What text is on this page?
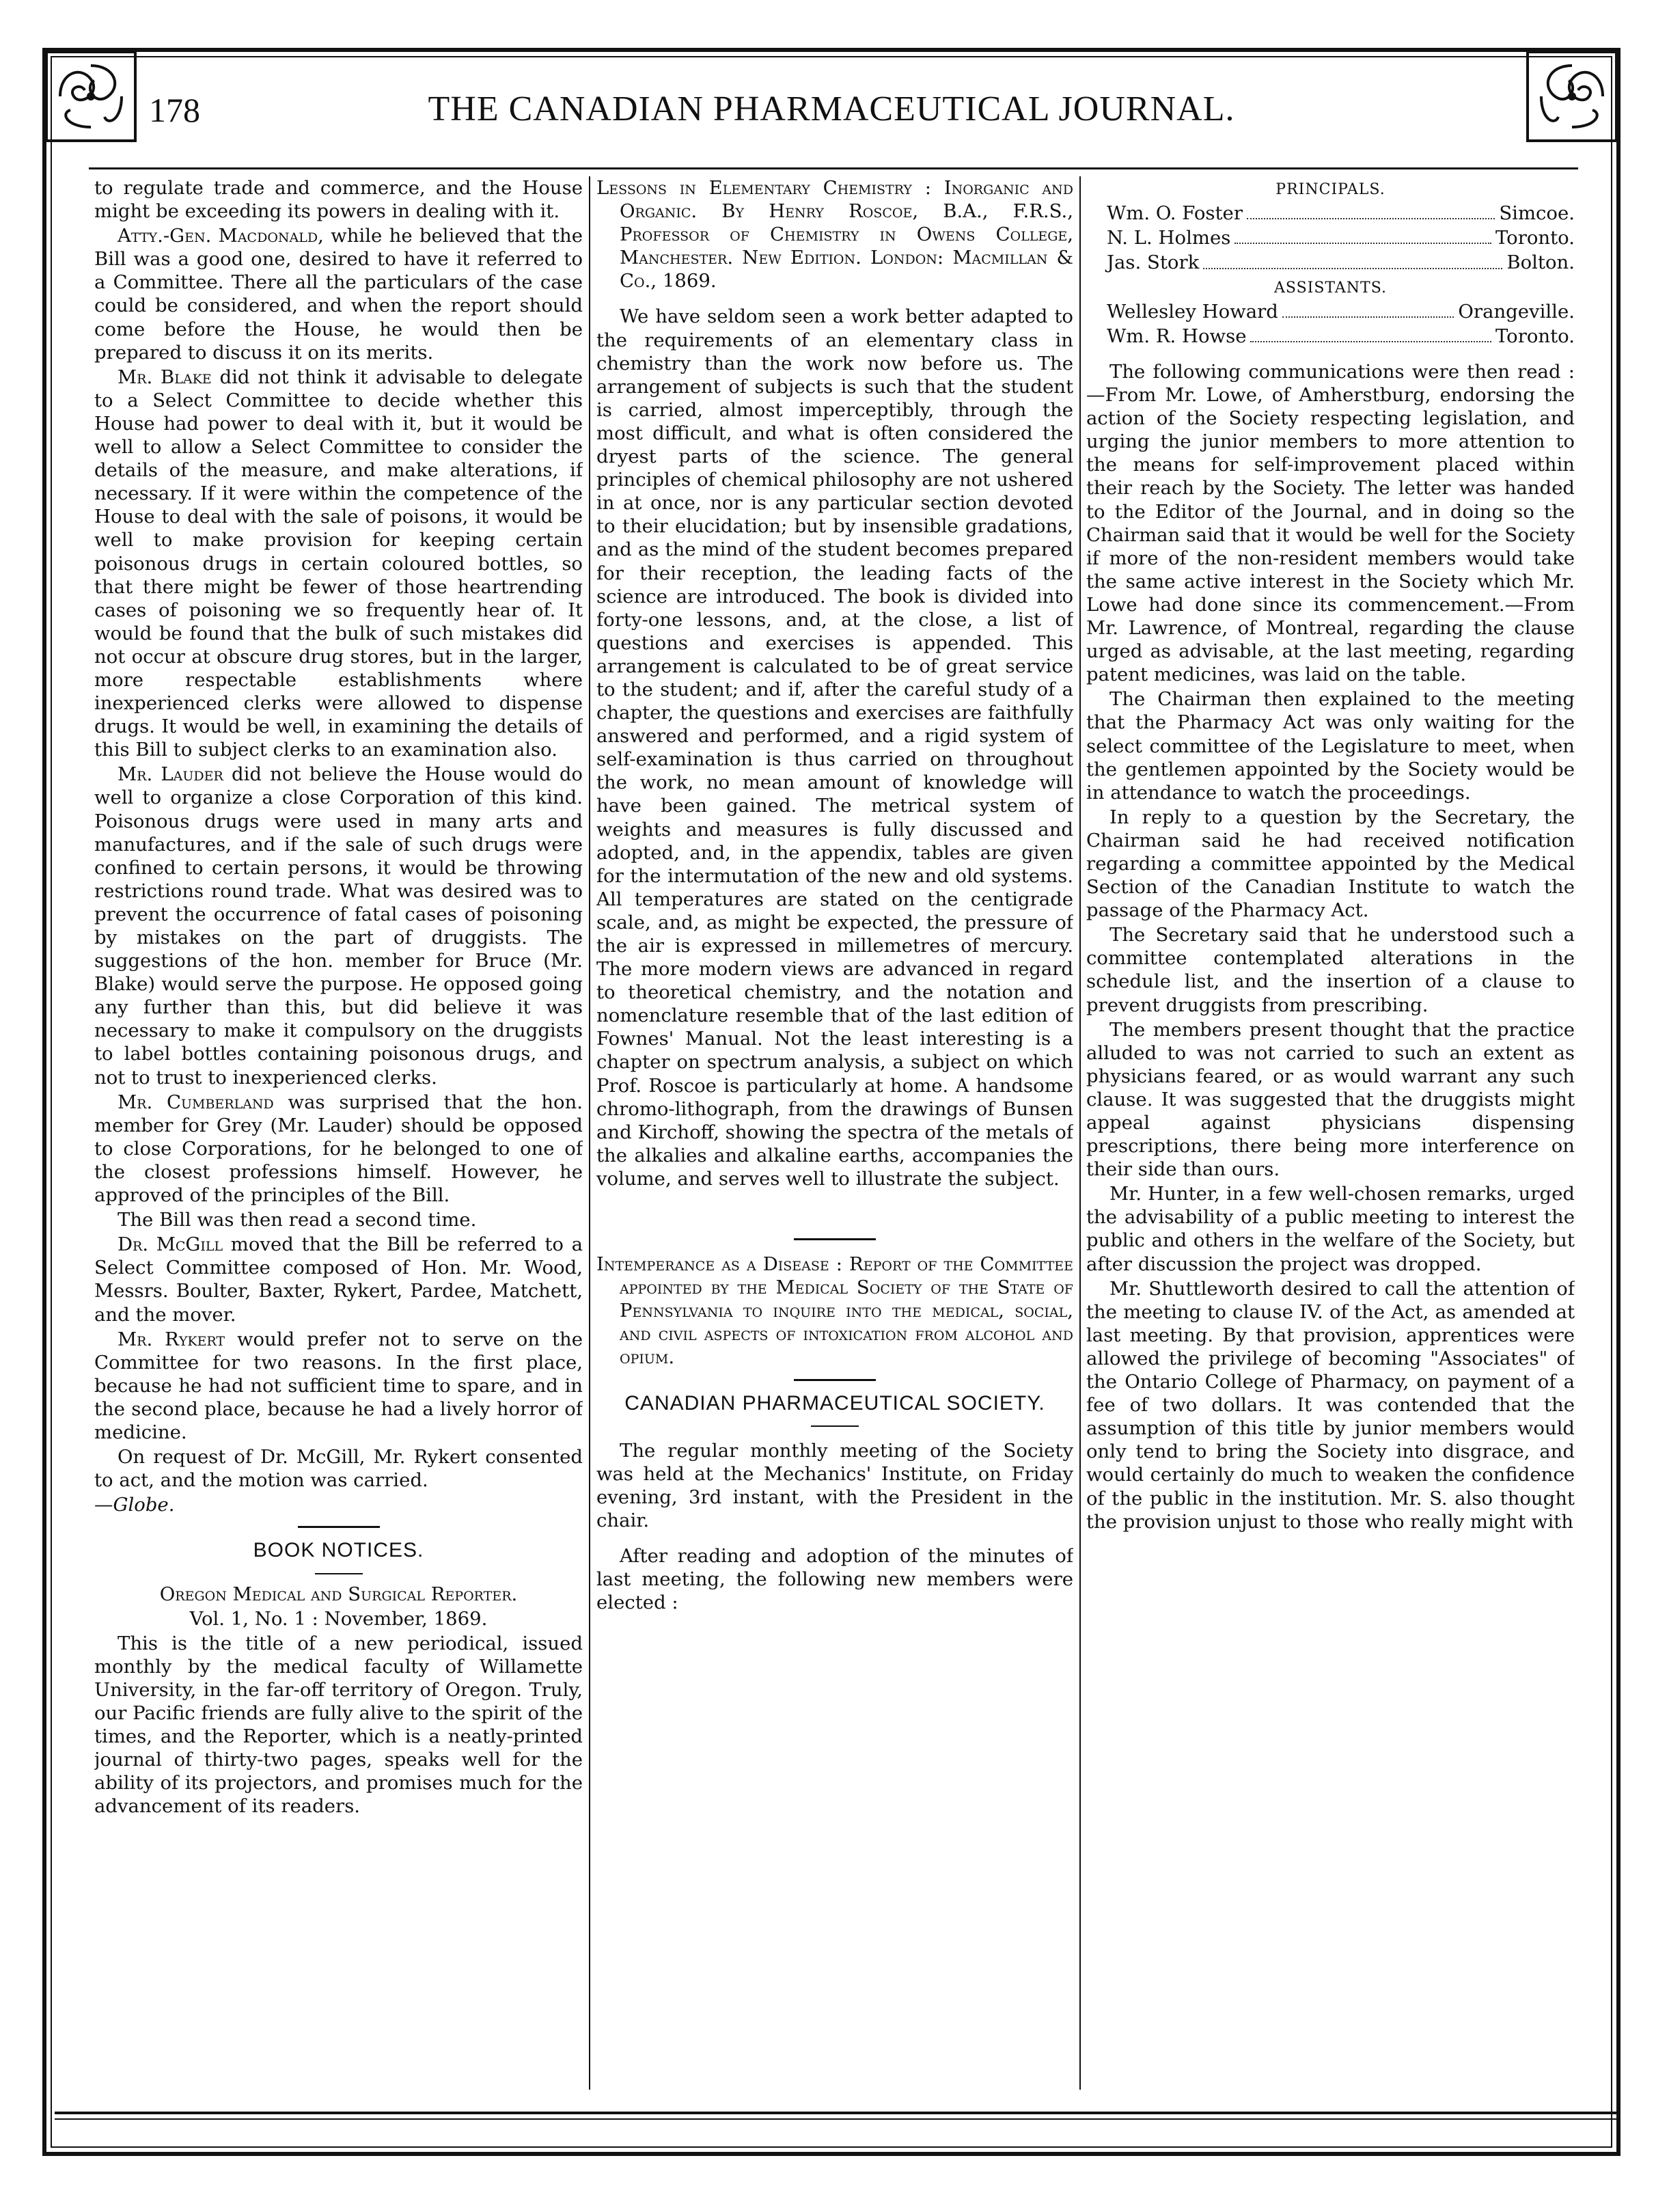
178	THE CANADIAN PHARMACEUTICAL JOURNAL.

to regulate trade and commerce, and the House might be exceeding its powers in dealing with it.

Atty.-Gen. Macdonald, while he believed that the Bill was a good one, desired to have it referred to a Committee. There all the particulars of the case could be considered, and when the report should come before the House, he would then be prepared to discuss it on its merits.

Mr. Blake did not think it advisable to delegate to a Select Committee to decide whether this House had power to deal with it, but it would be well to allow a Select Committee to consider the details of the measure, and make alterations, if necessary. If it were within the competence of the House to deal with the sale of poisons, it would be well to make provision for keeping certain poisonous drugs in certain coloured bottles, so that there might be fewer of those heartrending cases of poisoning we so frequently hear of. It would be found that the bulk of such mistakes did not occur at obscure drug stores, but in the larger, more respectable establishments where inexperienced clerks were allowed to dispense drugs. It would be well, in examining the details of this Bill to subject clerks to an examination also.

Mr. Lauder did not believe the House would do well to organize a close Corporation of this kind. Poisonous drugs were used in many arts and manufactures, and if the sale of such drugs were confined to certain persons, it would be throwing restrictions round trade. What was desired was to prevent the occurrence of fatal cases of poisoning by mistakes on the part of druggists. The suggestions of the hon. member for Bruce (Mr. Blake) would serve the purpose. He opposed going any further than this, but did believe it was necessary to make it compulsory on the druggists to label bottles containing poisonous drugs, and not to trust to inexperienced clerks.

Mr. Cumberland was surprised that the hon. member for Grey (Mr. Lauder) should be opposed to close Corporations, for he belonged to one of the closest professions himself. However, he approved of the principles of the Bill.

The Bill was then read a second time.

Dr. McGill moved that the Bill be referred to a Select Committee composed of Hon. Mr. Wood, Messrs. Boulter, Baxter, Rykert, Pardee, Matchett, and the mover.

Mr. Rykert would prefer not to serve on the Committee for two reasons. In the first place, because he had not sufficient time to spare, and in the second place, because he had a lively horror of medicine.

On request of Dr. McGill, Mr. Rykert consented to act, and the motion was carried.

—Globe.

BOOK NOTICES.

Oregon Medical and Surgical Reporter.

Vol. 1, No. 1 : November, 1869.

This is the title of a new periodical, issued monthly by the medical faculty of Willamette University, in the far-off territory of Oregon. Truly, our Pacific friends are fully alive to the spirit of the times, and the Reporter, which is a neatly-printed journal of thirty-two pages, speaks well for the ability of its projectors, and promises much for the advancement of its readers.

Lessons in Elementary Chemistry : Inorganic and Organic. By Henry Roscoe, B.A., F.R.S., Professor of Chemistry in Owens College, Manchester. New Edition. London: Macmillan & Co., 1869.

We have seldom seen a work better adapted to the requirements of an elementary class in chemistry than the work now before us. The arrangement of subjects is such that the student is carried, almost imperceptibly, through the most difficult, and what is often considered the dryest parts of the science. The general principles of chemical philosophy are not ushered in at once, nor is any particular section devoted to their elucidation; but by insensible gradations, and as the mind of the student becomes prepared for their reception, the leading facts of the science are introduced. The book is divided into forty-one lessons, and, at the close, a list of questions and exercises is appended. This arrangement is calculated to be of great service to the student; and if, after the careful study of a chapter, the questions and exercises are faithfully answered and performed, and a rigid system of self-examination is thus carried on throughout the work, no mean amount of knowledge will have been gained. The metrical system of weights and measures is fully discussed and adopted, and, in the appendix, tables are given for the intermutation of the new and old systems. All temperatures are stated on the centigrade scale, and, as might be expected, the pressure of the air is expressed in millemetres of mercury. The more modern views are advanced in regard to theoretical chemistry, and the notation and nomenclature resemble that of the last edition of Fownes' Manual. Not the least interesting is a chapter on spectrum analysis, a subject on which Prof. Roscoe is particularly at home. A handsome chromo-lithograph, from the drawings of Bunsen and Kirchoff, showing the spectra of the metals of the alkalies and alkaline earths, accompanies the volume, and serves well to illustrate the subject.

Intemperance as a Disease : Report of the Committee appointed by the Medical Society of the State of Pennsylvania to inquire into the medical, social, and civil aspects of intoxication from alcohol and opium.

CANADIAN PHARMACEUTICAL SOCIETY.

The regular monthly meeting of the Society was held at the Mechanics' Institute, on Friday evening, 3rd instant, with the President in the chair.

After reading and adoption of the minutes of last meeting, the following new members were elected :

PRINCIPALS.
Wm. O. Foster	Simcoe.
N. L. Holmes	Toronto.
Jas. Stork	Bolton.
ASSISTANTS.
Wellesley Howard	Orangeville.
Wm. R. Howse	Toronto.

The following communications were then read :—From Mr. Lowe, of Amherstburg, endorsing the action of the Society respecting legislation, and urging the junior members to more attention to the means for self-improvement placed within their reach by the Society. The letter was handed to the Editor of the Journal, and in doing so the Chairman said that it would be well for the Society if more of the non-resident members would take the same active interest in the Society which Mr. Lowe had done since its commencement.—From Mr. Lawrence, of Montreal, regarding the clause urged as advisable, at the last meeting, regarding patent medicines, was laid on the table.

The Chairman then explained to the meeting that the Pharmacy Act was only waiting for the select committee of the Legislature to meet, when the gentlemen appointed by the Society would be in attendance to watch the proceedings.

In reply to a question by the Secretary, the Chairman said he had received notification regarding a committee appointed by the Medical Section of the Canadian Institute to watch the passage of the Pharmacy Act.

The Secretary said that he understood such a committee contemplated alterations in the schedule list, and the insertion of a clause to prevent druggists from prescribing.

The members present thought that the practice alluded to was not carried to such an extent as physicians feared, or as would warrant any such clause. It was suggested that the druggists might appeal against physicians dispensing prescriptions, there being more interference on their side than ours.

Mr. Hunter, in a few well-chosen remarks, urged the advisability of a public meeting to interest the public and others in the welfare of the Society, but after discussion the project was dropped.

Mr. Shuttleworth desired to call the attention of the meeting to clause IV. of the Act, as amended at last meeting. By that provision, apprentices were allowed the privilege of becoming "Associates" of the Ontario College of Pharmacy, on payment of a fee of two dollars. It was contended that the assumption of this title by junior members would only tend to bring the Society into disgrace, and would certainly do much to weaken the confidence of the public in the institution. Mr. S. also thought the provision unjust to those who really might with
